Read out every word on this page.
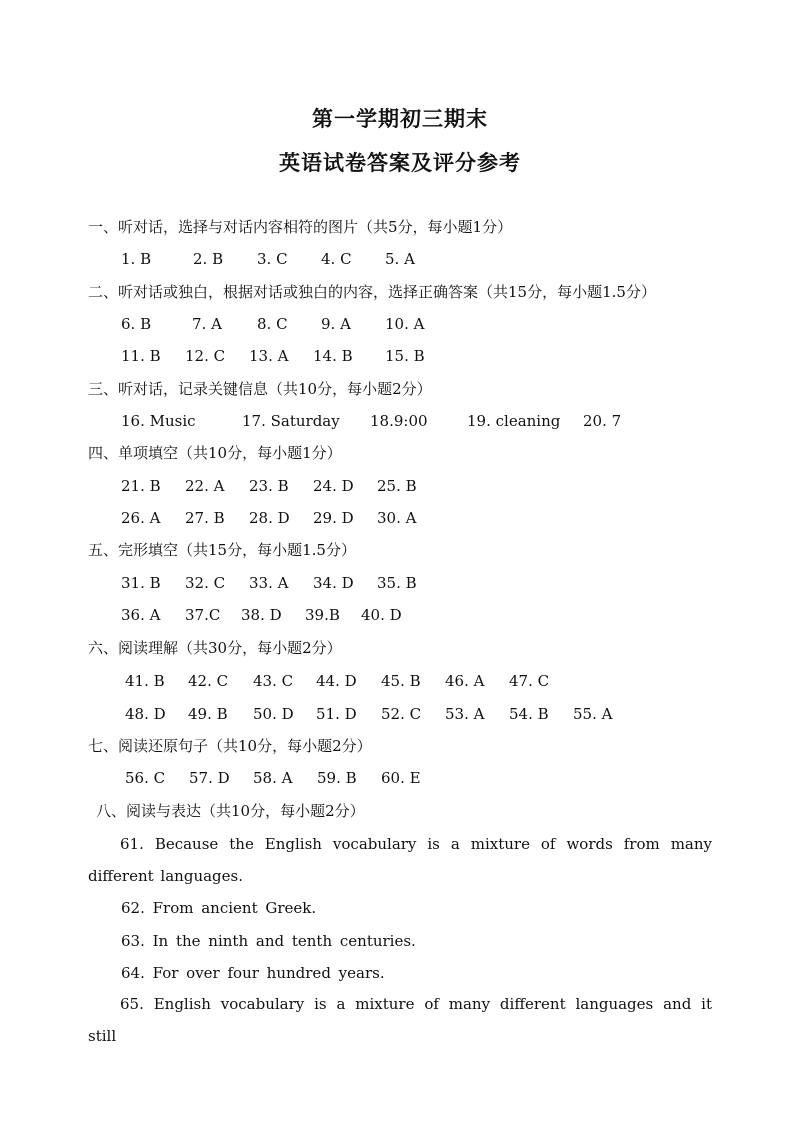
第一学期初三期末
英语试卷答案及评分参考
一、听对话，选择与对话内容相符的图片（共5分，每小题1分）
1. B	2. B 3. C 4. C 5. A
二、听对话或独白，根据对话或独白的内容，选择正确答案（共15分，每小题1.5分）
6. B	7. A 8. C 9. A 10. A
11. B 12. C 13. A 14. B 15. B
三、听对话，记录关键信息（共10分，每小题2分）
16. Music	17. Saturday 18.9:00	19. cleaning 20. 7
四、单项填空（共10分，每小题1分）
21. B 22. A 23. B 24. D 25. B
26. A 27. B 28. D 29. D 30. A
五、完形填空（共15分，每小题1.5分）
31. B 32. C 33. A 34. D 35. B
36. A 37.C 38. D 39.B 40. D
六、阅读理解（共30分，每小题2分）
41. B 42. C 43. C 44. D 45. B 46. A 47. C
48. D 49. B 50. D 51. D 52. C 53. A 54. B 55. A
七、阅读还原句子（共10分，每小题2分）
56. C 57. D 58. A 59. B 60. E
八、阅读与表达（共10分，每小题2分）
61. Because the English vocabulary is a mixture of words from many different languages.
62. From ancient Greek.
63. In the ninth and tenth centuries.
64. For over four hundred years.
65. English vocabulary is a mixture of many different languages and it still
